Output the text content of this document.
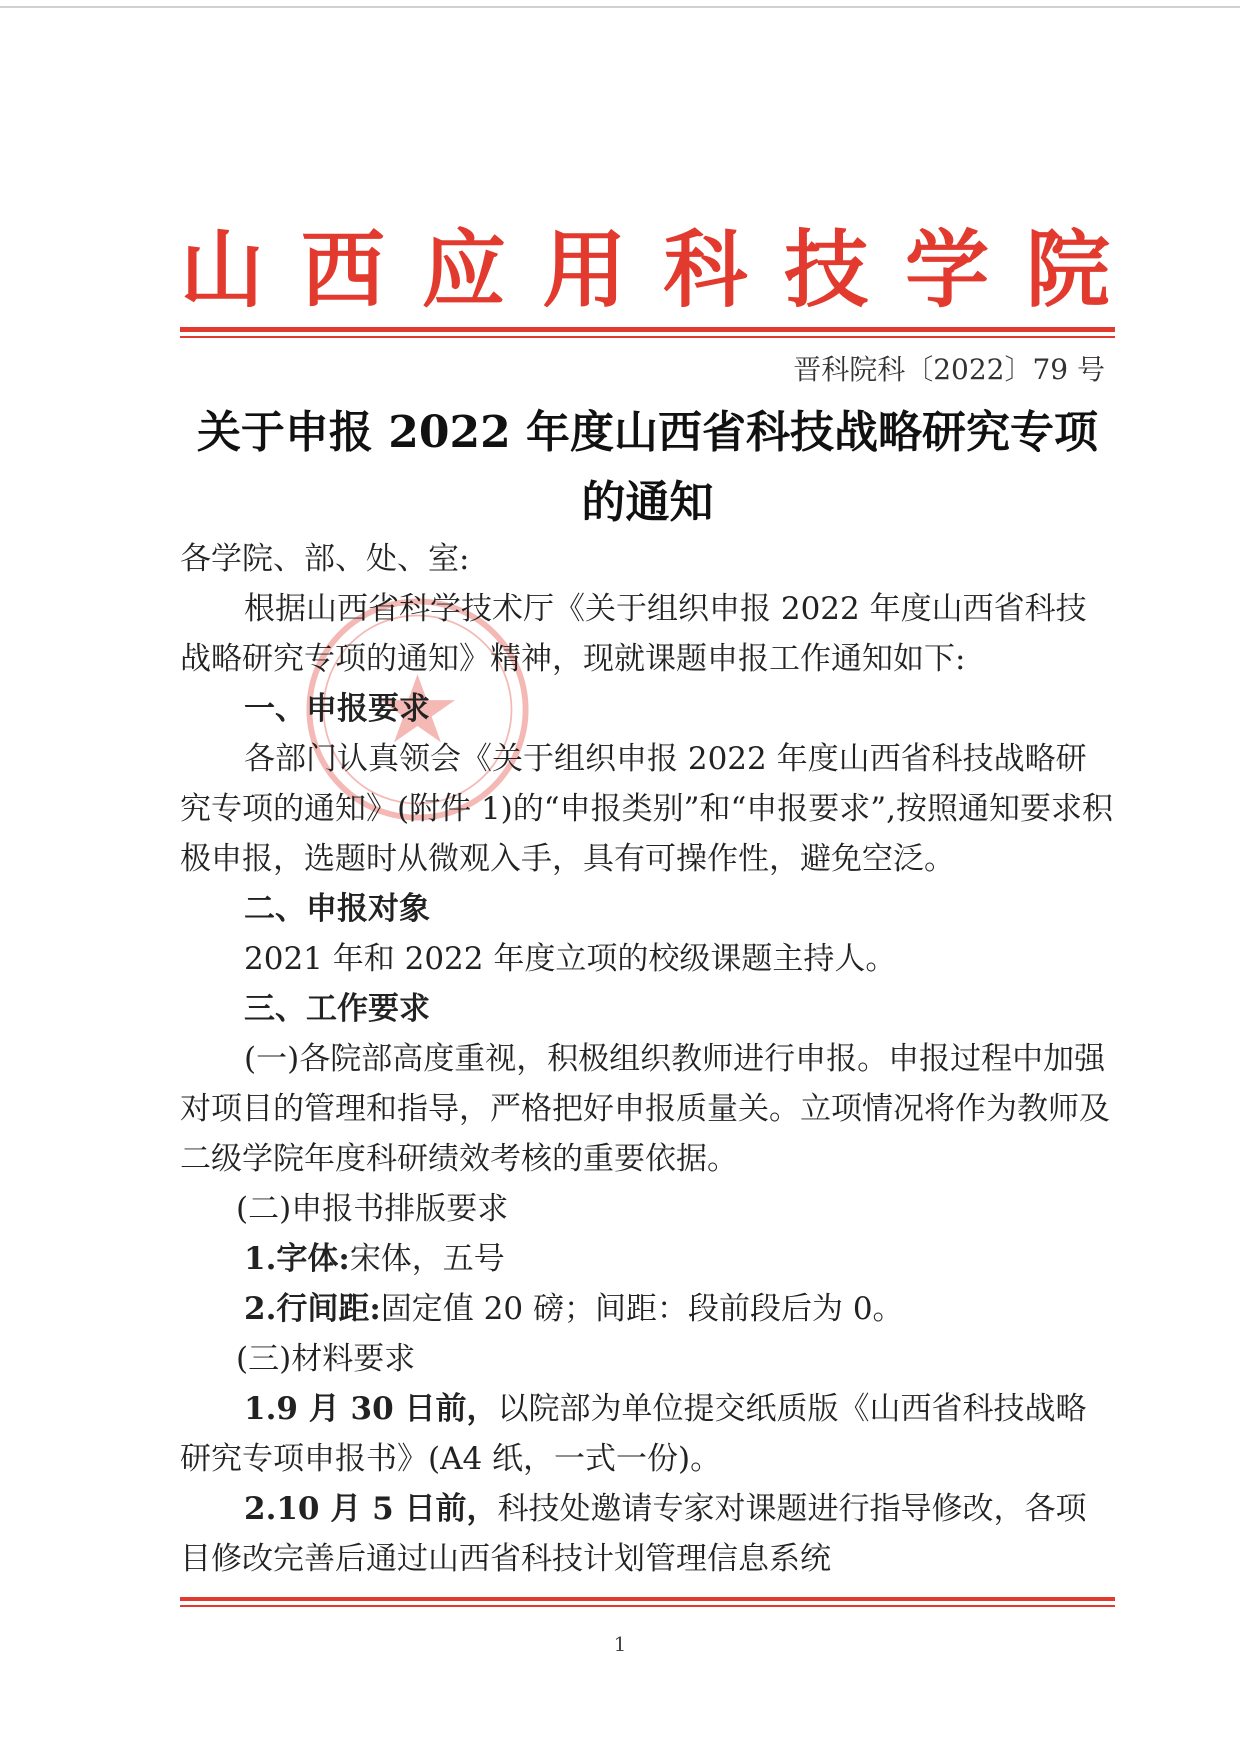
山 西 应 用 科 技 学 院
晋科院科〔2022〕79 号
关于申报 2022 年度山西省科技战略研究专项
的通知

各学院、部、处、室:

根据山西省科学技术厅《关于组织申报 2022 年度山西省科技战略研究专项的通知》精神，现就课题申报工作通知如下:

一、申报要求

各部门认真领会《关于组织申报 2022 年度山西省科技战略研究专项的通知》(附件 1)的“申报类别”和“申报要求”,按照通知要求积极申报，选题时从微观入手，具有可操作性，避免空泛。

二、申报对象

2021 年和 2022 年度立项的校级课题主持人。

三、工作要求

(一)各院部高度重视，积极组织教师进行申报。申报过程中加强对项目的管理和指导，严格把好申报质量关。立项情况将作为教师及二级学院年度科研绩效考核的重要依据。

(二)申报书排版要求

1.字体:宋体，五号

2.行间距:固定值 20 磅；间距：段前段后为 0。

(三)材料要求

1.9 月 30 日前，以院部为单位提交纸质版《山西省科技战略研究专项申报书》(A4 纸，一式一份)。

2.10 月 5 日前，科技处邀请专家对课题进行指导修改，各项目修改完善后通过山西省科技计划管理信息系统

1
